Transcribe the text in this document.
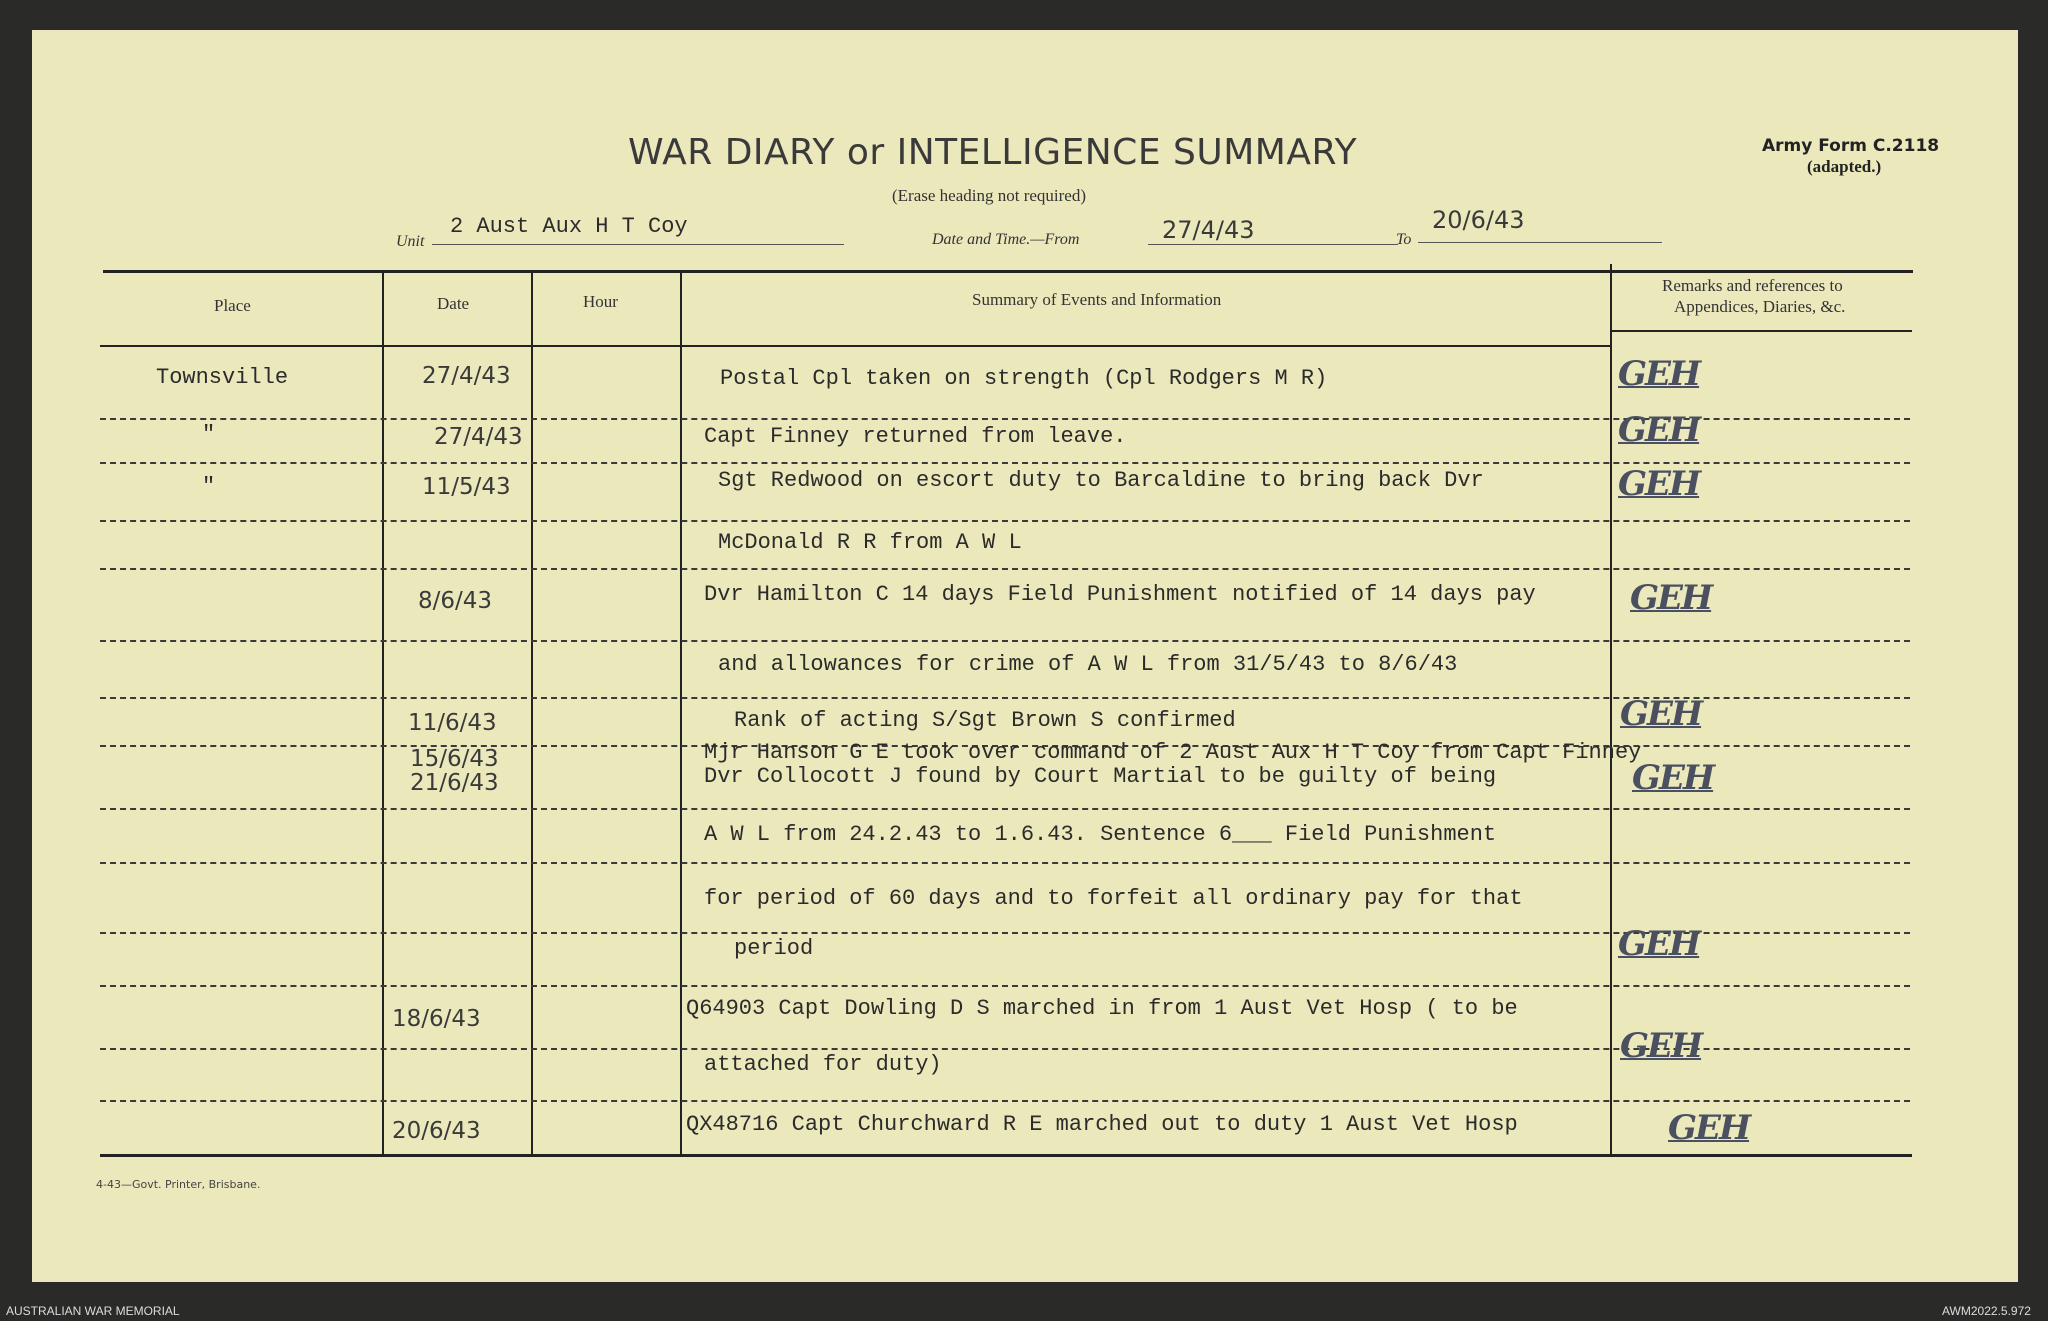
WAR DIARY or INTELLIGENCE SUMMARY
(Erase heading not required)
Army Form C.2118
(adapted.)
Unit
2 Aust Aux H T Coy
Date and Time.—From	27/4/43	To
20/6/43
Place	Date	Hour	Summary of Events and Information
Remarks and references to
Appendices, Diaries, &c.
Townsville	27/4/43	Postal Cpl taken on strength (Cpl Rodgers M R)	GEH
"	27/4/43	Capt Finney returned from leave.	GEH
"	11/5/43	Sgt Redwood on escort duty to Barcaldine to bring back Dvr	GEH
McDonald R R from A W L
8/6/43	Dvr Hamilton C 14 days Field Punishment notified of 14 days pay	GEH
and allowances for crime of A W L from 31/5/43 to 8/6/43
11/6/43	Rank of acting S/Sgt Brown S confirmed	GEH
15/6/43	Mjr Hanson G E took over command of 2 Aust Aux H T Coy from Capt Finney
21/6/43	Dvr Collocott J found by Court Martial to be guilty of being	GEH
A W L from 24.2.43 to 1.6.43. Sentence 6___ Field Punishment
for period of 60 days and to forfeit all ordinary pay for that
period	GEH
18/6/43	Q64903 Capt Dowling D S marched in from 1 Aust Vet Hosp ( to be
attached for duty)	GEH
20/6/43	QX48716 Capt Churchward R E marched out to duty 1 Aust Vet Hosp	GEH
4-43—Govt. Printer, Brisbane.
AUSTRALIAN WAR MEMORIAL	AWM2022.5.972
